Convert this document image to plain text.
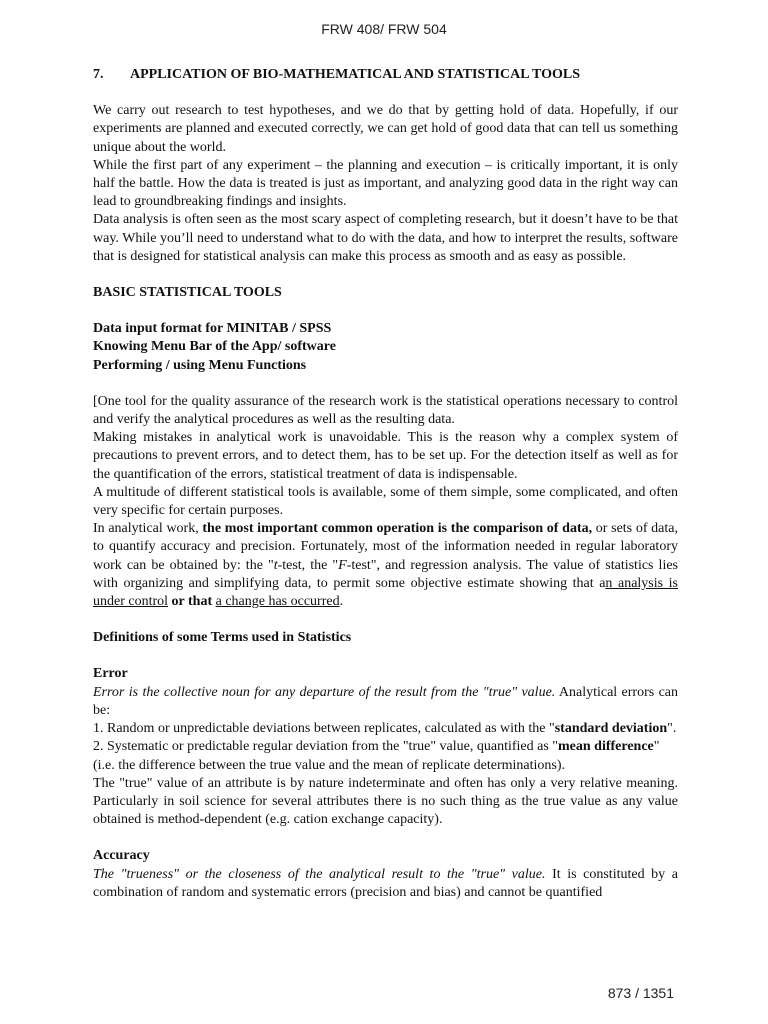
FRW 408/ FRW 504

7. APPLICATION OF BIO-MATHEMATICAL AND STATISTICAL TOOLS

We carry out research to test hypotheses, and we do that by getting hold of data. Hopefully, if our experiments are planned and executed correctly, we can get hold of good data that can tell us something unique about the world.

While the first part of any experiment – the planning and execution – is critically important, it is only half the battle. How the data is treated is just as important, and analyzing good data in the right way can lead to groundbreaking findings and insights.

Data analysis is often seen as the most scary aspect of completing research, but it doesn’t have to be that way. While you’ll need to understand what to do with the data, and how to interpret the results, software that is designed for statistical analysis can make this process as smooth and as easy as possible.

BASIC STATISTICAL TOOLS

Data input format for MINITAB / SPSS

Knowing Menu Bar of the App/ software

Performing / using Menu Functions

[One tool for the quality assurance of the research work is the statistical operations necessary to control and verify the analytical procedures as well as the resulting data.

Making mistakes in analytical work is unavoidable. This is the reason why a complex system of precautions to prevent errors, and to detect them, has to be set up. For the detection itself as well as for the quantification of the errors, statistical treatment of data is indispensable.

A multitude of different statistical tools is available, some of them simple, some complicated, and often very specific for certain purposes.

In analytical work, the most important common operation is the comparison of data, or sets of data, to quantify accuracy and precision. Fortunately, most of the information needed in regular laboratory work can be obtained by: the "t-test, the "F-test", and regression analysis. The value of statistics lies with organizing and simplifying data, to permit some objective estimate showing that an analysis is under control or that a change has occurred.

Definitions of some Terms used in Statistics

Error

Error is the collective noun for any departure of the result from the "true" value. Analytical errors can be:

1. Random or unpredictable deviations between replicates, calculated as with the "standard deviation".

2. Systematic or predictable regular deviation from the "true" value, quantified as "mean difference" (i.e. the difference between the true value and the mean of replicate determinations).

The "true" value of an attribute is by nature indeterminate and often has only a very relative meaning. Particularly in soil science for several attributes there is no such thing as the true value as any value obtained is method-dependent (e.g. cation exchange capacity).

Accuracy

The "trueness" or the closeness of the analytical result to the "true" value. It is constituted by a combination of random and systematic errors (precision and bias) and cannot be quantified

873 / 1351
